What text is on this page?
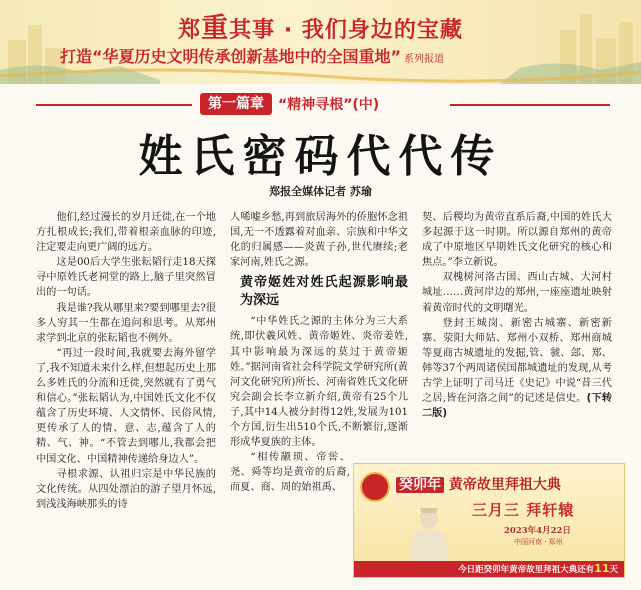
郑重其事 · 我们身边的宝藏
打造“华夏历史文明传承创新基地中的全国重地” 系列报道
第一篇章	“精神寻根”(中)
姓氏密码代代传
郑报全媒体记者 苏瑜

他们,经过漫长的岁月迁徙,在一个地方扎根成长;我们,带着根亲血脉的印迹,注定要走向更广阔的远方。

这是00后大学生张耘韬行走18天探寻中原姓氏老祠堂的路上,脑子里突然冒出的一句话。

我是谁?我从哪里来?要到哪里去?很多人穷其一生都在追问和思考。从郑州求学到北京的张耘韬也不例外。

“再过一段时间,我就要去海外留学了,我不知道未来什么样,但想起历史上那么多姓氏的分流和迁徙,突然就有了勇气和信心。”张耘韬认为,中国姓氏文化不仅蕴含了历史环境、人文情怀、民俗风情,更传承了人的情、意、志,蕴含了人的精、气、神。“不管去到哪儿,我都会把中国文化、中国精神传递给身边人”。

寻根求源、认祖归宗是中华民族的文化传统。从四处漂泊的游子望月怀远,到浅浅海峡那头的诗

人唏嘘乡愁,再到旅居海外的侨胞怀念祖国,无一不透露着对血亲、宗族和中华文化的归属感——炎黄子孙,世代赓续;老家河南,姓氏之源。

黄帝姬姓对姓氏起源影响最为深远

“中华姓氏之源的主体分为三大系统,即伏羲风姓、黄帝姬姓、炎帝姜姓,其中影响最为深远的莫过于黄帝姬姓。”据河南省社会科学院文学研究所(黄河文化研究所)所长、河南省姓氏文化研究会副会长李立新介绍,黄帝有25个儿子,其中14人被分封得12姓,发展为101个方国,衍生出510个氏,不断繁衍,逐渐形成华夏族的主体。

“相传颛顼、帝喾、尧、舜等均是黄帝的后裔,而夏、商、周的始祖禹、

契、后稷均为黄帝直系后裔,中国的姓氏大多起源于这一时期。所以源自郑州的黄帝成了中原地区早期姓氏文化研究的核心和焦点。”李立新说。

双槐树河洛古国、西山古城、大河村城址……黄河岸边的郑州,一座座遗址映射着黄帝时代的文明曙光。

登封王城岗、新密古城寨、新密新寨、荥阳大师姑、郑州小双桥、郑州商城等夏商古城遗址的发掘,管、虢、郐、郑、韩等37个两周诸侯国都城遗址的发现,从考古学上证明了司马迁《史记》中说“昔三代之居,皆在河洛之间”的记述是信史。(下转二版)

癸卯年 黄帝故里拜祖大典
三月三 拜轩辕
2023年4月22日
中国河南 · 郑州
今日距癸卯年黄帝故里拜祖大典还有11天
